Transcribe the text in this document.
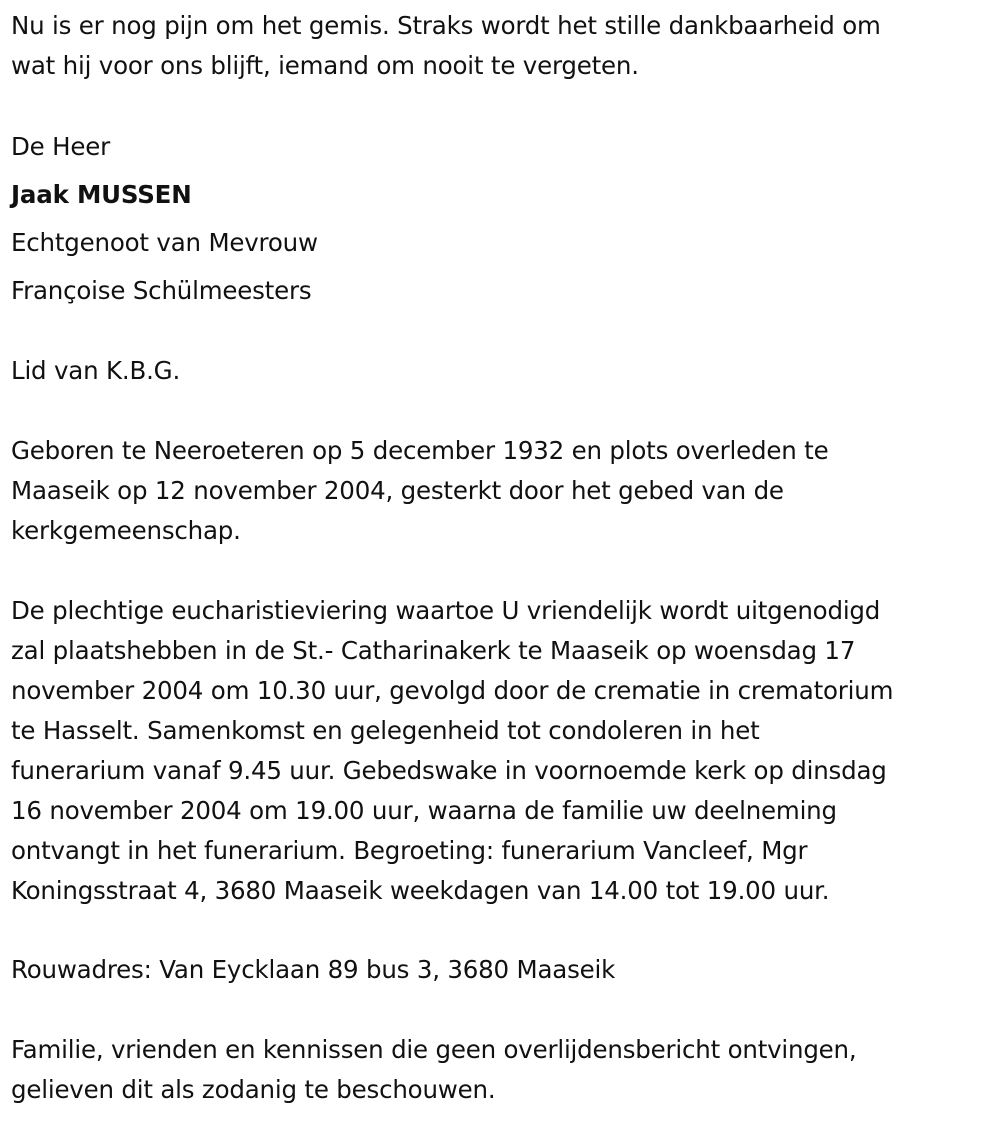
Nu is er nog pijn om het gemis. Straks wordt het stille dankbaarheid om
wat hij voor ons blijft, iemand om nooit te vergeten.

De Heer

Jaak MUSSEN

Echtgenoot van Mevrouw

Françoise Schülmeesters

Lid van K.B.G.

Geboren te Neeroeteren op 5 december 1932 en plots overleden te
Maaseik op 12 november 2004, gesterkt door het gebed van de
kerkgemeenschap.

De plechtige eucharistieviering waartoe U vriendelijk wordt uitgenodigd
zal plaatshebben in de St.- Catharinakerk te Maaseik op woensdag 17
november 2004 om 10.30 uur, gevolgd door de crematie in crematorium
te Hasselt. Samenkomst en gelegenheid tot condoleren in het
funerarium vanaf 9.45 uur. Gebedswake in voornoemde kerk op dinsdag
16 november 2004 om 19.00 uur, waarna de familie uw deelneming
ontvangt in het funerarium. Begroeting: funerarium Vancleef, Mgr
Koningsstraat 4, 3680 Maaseik weekdagen van 14.00 tot 19.00 uur.

Rouwadres: Van Eycklaan 89 bus 3, 3680 Maaseik

Familie, vrienden en kennissen die geen overlijdensbericht ontvingen,
gelieven dit als zodanig te beschouwen.
